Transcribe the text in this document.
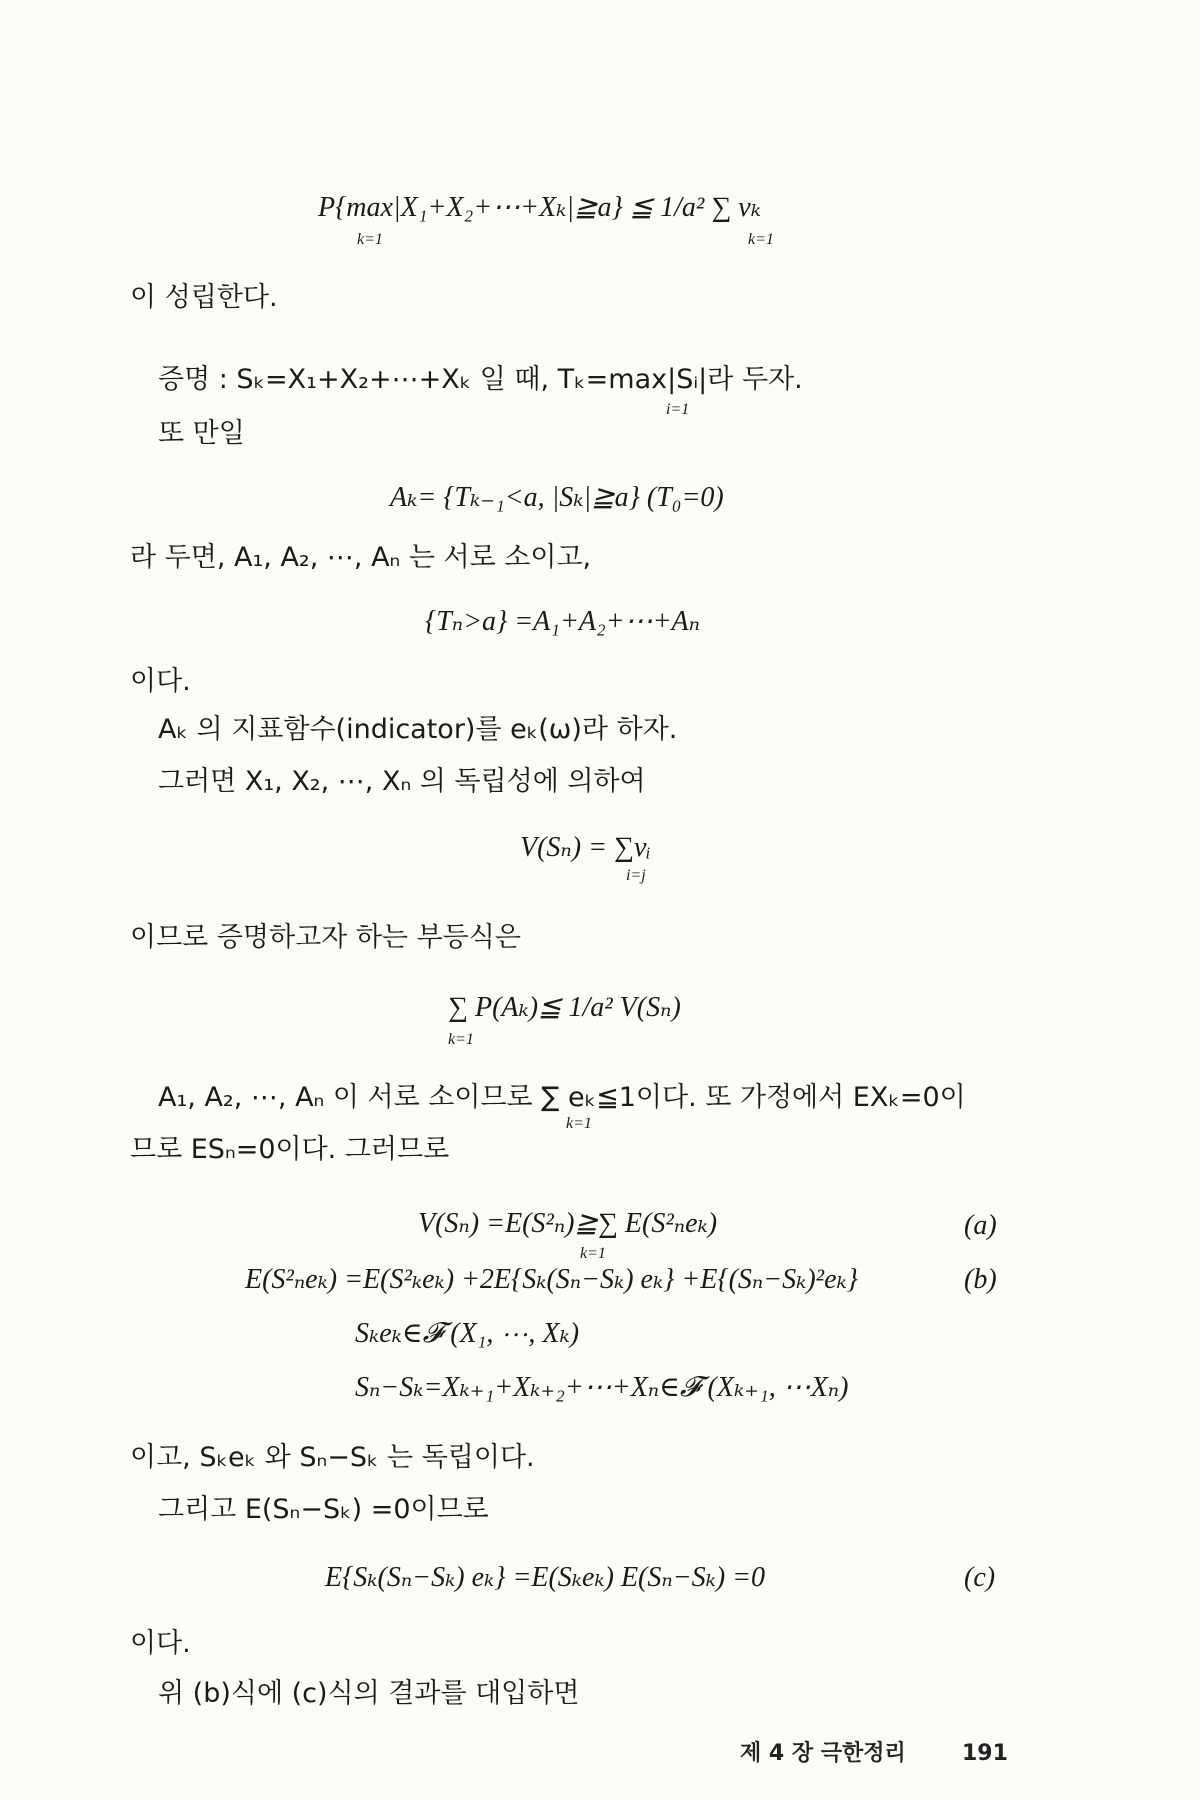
P{max|X₁+X₂+⋯+Xₖ|≧a} ≦ 1/a² ∑ vₖ
k=1	k=1
이 성립한다.
증명 : Sₖ=X₁+X₂+⋯+Xₖ 일 때, Tₖ=max|Sᵢ|라 두자.
i=1
또 만일
Aₖ= {Tₖ₋₁<a, |Sₖ|≧a} (T₀=0)
라 두면, A₁, A₂, ⋯, Aₙ 는 서로 소이고,
{Tₙ>a} =A₁+A₂+⋯+Aₙ
이다.
Aₖ 의 지표함수(indicator)를 eₖ(ω)라 하자.
그러면 X₁, X₂, ⋯, Xₙ 의 독립성에 의하여
V(Sₙ) = ∑vᵢ
i=j
이므로 증명하고자 하는 부등식은
∑ P(Aₖ)≦ 1/a² V(Sₙ)
k=1
A₁, A₂, ⋯, Aₙ 이 서로 소이므로 ∑ eₖ≦1이다. 또 가정에서 EXₖ=0이
k=1
므로 ESₙ=0이다. 그러므로
V(Sₙ) =E(S²ₙ)≧∑ E(S²ₙeₖ)
k=1
(a)
E(S²ₙeₖ) =E(S²ₖeₖ) +2E{Sₖ(Sₙ−Sₖ) eₖ} +E{(Sₙ−Sₖ)²eₖ}	(b)
Sₖeₖ∈𝓕 (X₁, ⋯, Xₖ)
Sₙ−Sₖ=Xₖ₊₁+Xₖ₊₂+⋯+Xₙ∈𝓕 (Xₖ₊₁, ⋯Xₙ)
이고, Sₖeₖ 와 Sₙ−Sₖ 는 독립이다.
그리고 E(Sₙ−Sₖ) =0이므로
E{Sₖ(Sₙ−Sₖ) eₖ} =E(Sₖeₖ) E(Sₙ−Sₖ) =0	(c)
이다.
위 (b)식에 (c)식의 결과를 대입하면
제 4 장 극한정리	191
